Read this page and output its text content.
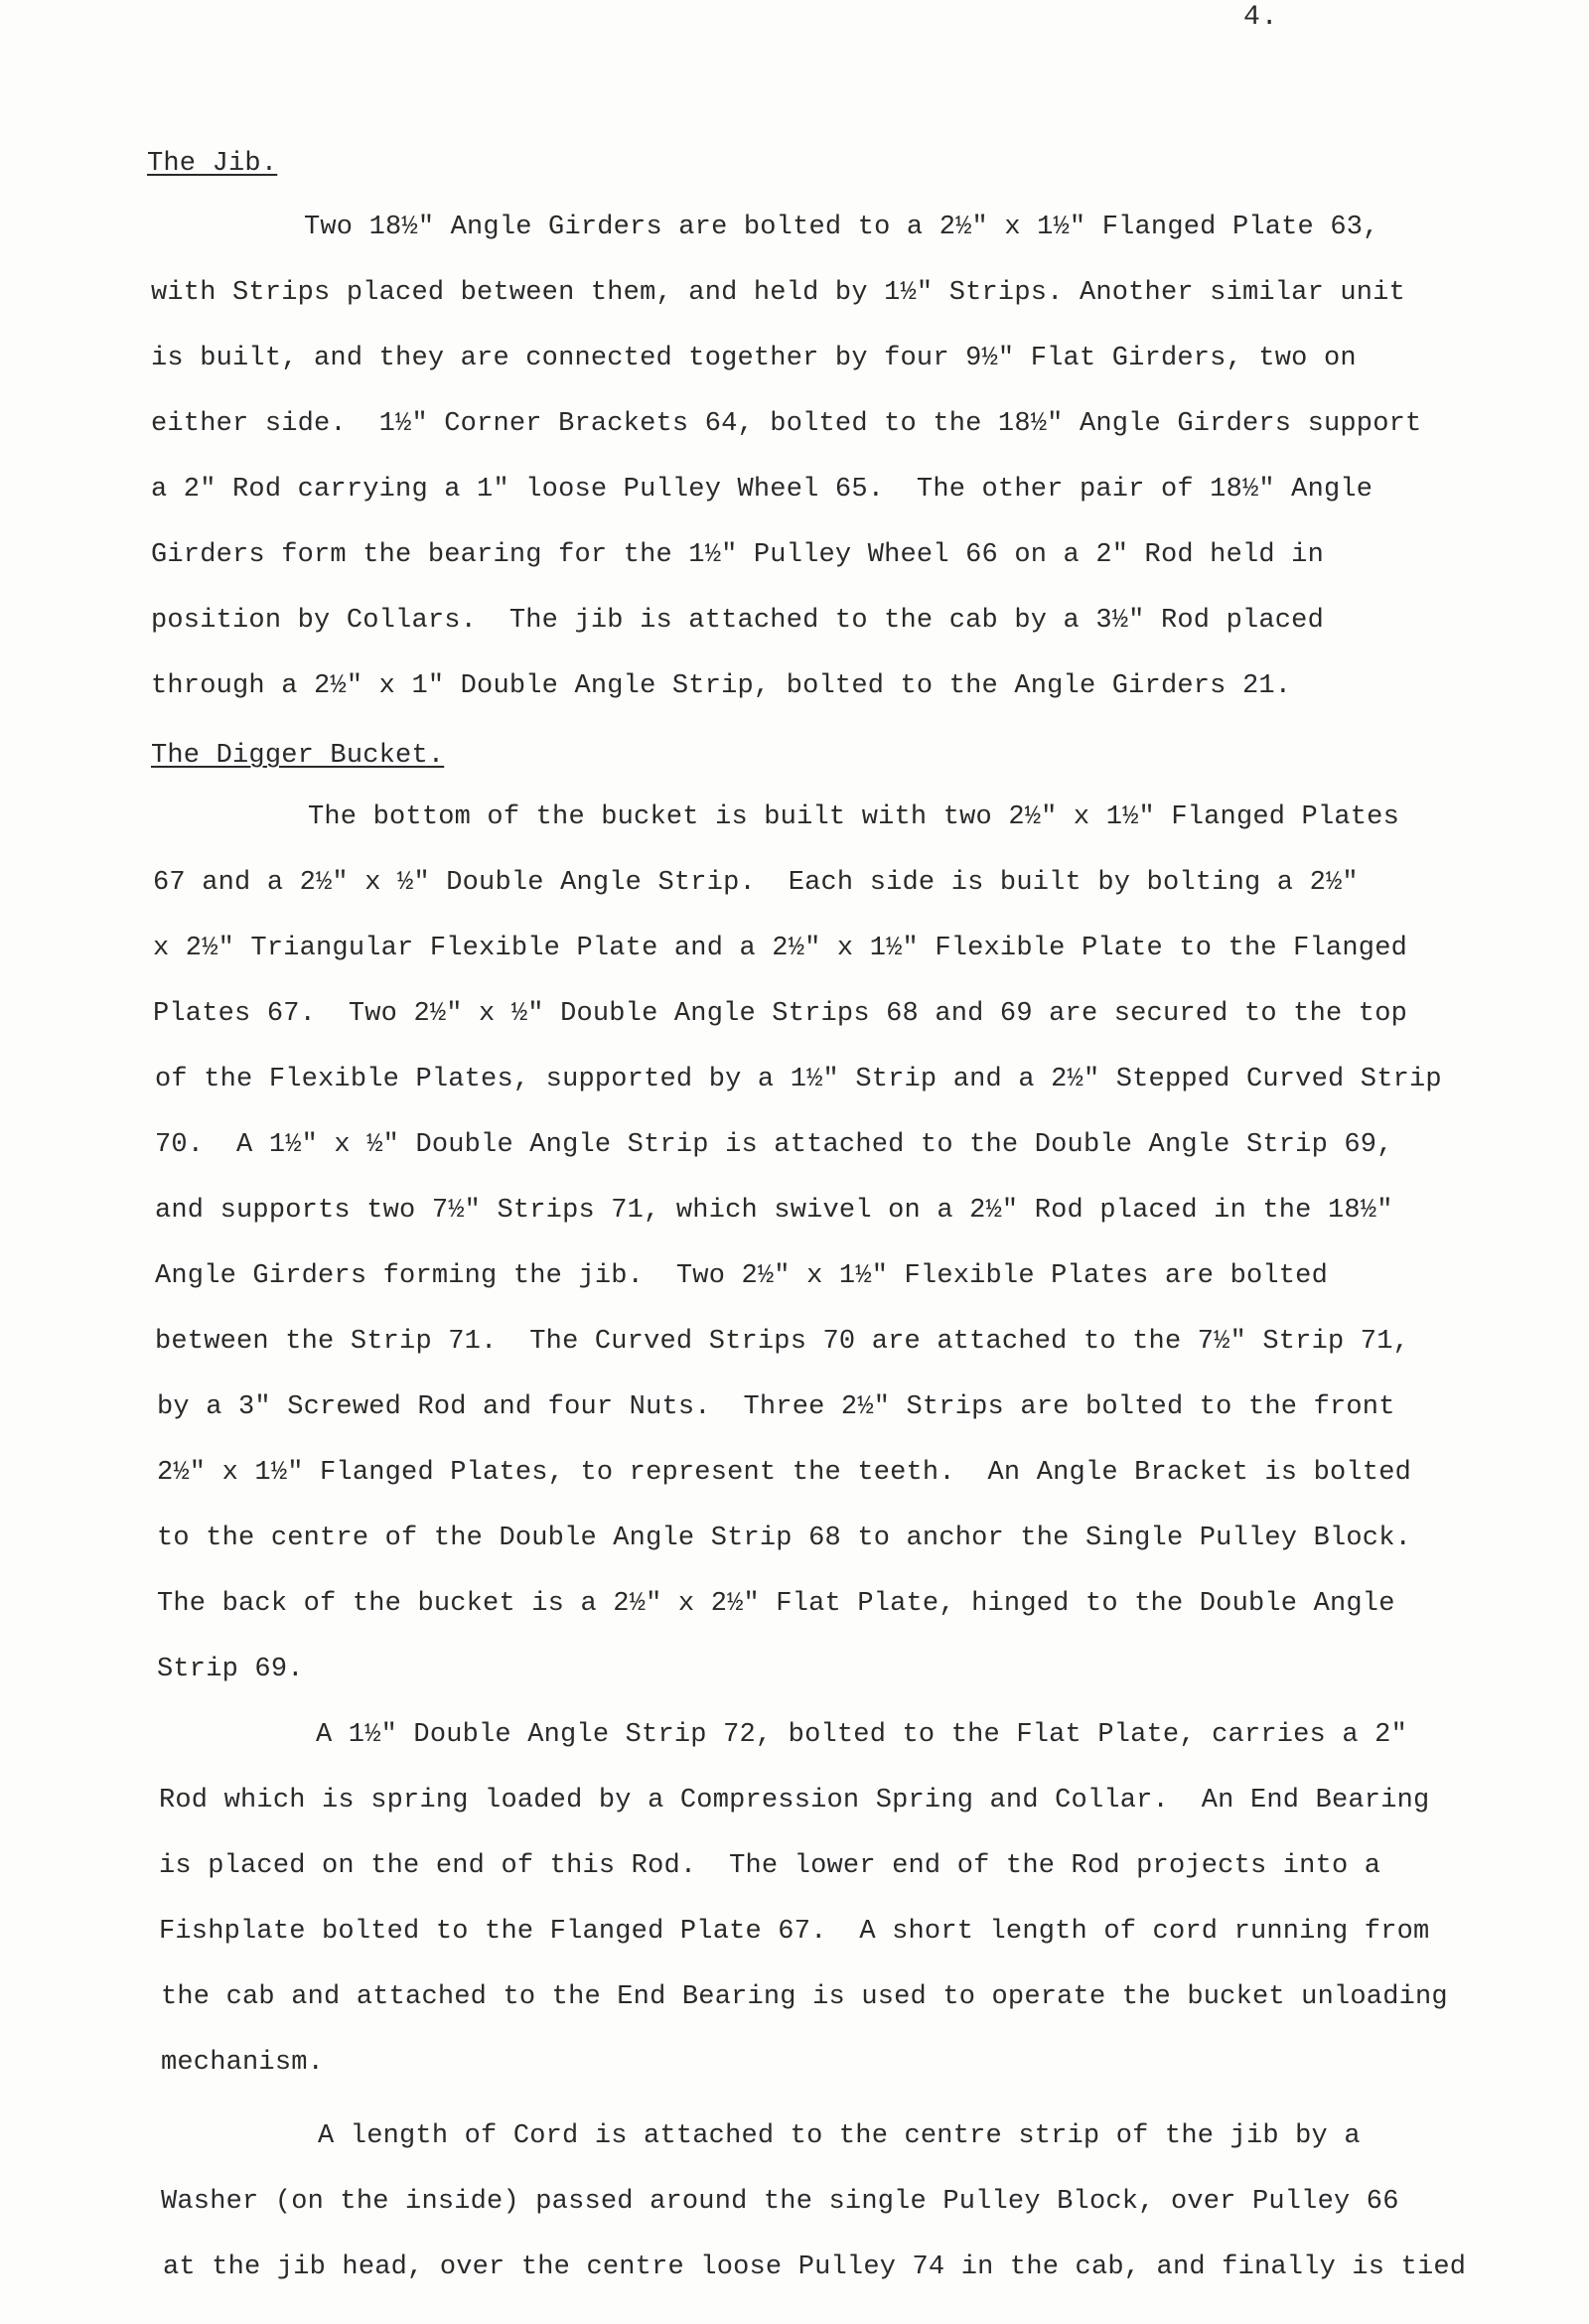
4.
The Jib.
Two 18½" Angle Girders are bolted to a 2½" x 1½" Flanged Plate 63,
with Strips placed between them, and held by 1½" Strips. Another similar unit
is built, and they are connected together by four 9½" Flat Girders, two on
either side.  1½" Corner Brackets 64, bolted to the 18½" Angle Girders support
a 2" Rod carrying a 1" loose Pulley Wheel 65.  The other pair of 18½" Angle
Girders form the bearing for the 1½" Pulley Wheel 66 on a 2" Rod held in
position by Collars.  The jib is attached to the cab by a 3½" Rod placed
through a 2½" x 1" Double Angle Strip, bolted to the Angle Girders 21.
The Digger Bucket.
The bottom of the bucket is built with two 2½" x 1½" Flanged Plates
67 and a 2½" x ½" Double Angle Strip.  Each side is built by bolting a 2½"
x 2½" Triangular Flexible Plate and a 2½" x 1½" Flexible Plate to the Flanged
Plates 67.  Two 2½" x ½" Double Angle Strips 68 and 69 are secured to the top
of the Flexible Plates, supported by a 1½" Strip and a 2½" Stepped Curved Strip
70.  A 1½" x ½" Double Angle Strip is attached to the Double Angle Strip 69,
and supports two 7½" Strips 71, which swivel on a 2½" Rod placed in the 18½"
Angle Girders forming the jib.  Two 2½" x 1½" Flexible Plates are bolted
between the Strip 71.  The Curved Strips 70 are attached to the 7½" Strip 71,
by a 3" Screwed Rod and four Nuts.  Three 2½" Strips are bolted to the front
2½" x 1½" Flanged Plates, to represent the teeth.  An Angle Bracket is bolted
to the centre of the Double Angle Strip 68 to anchor the Single Pulley Block.
The back of the bucket is a 2½" x 2½" Flat Plate, hinged to the Double Angle
Strip 69.
A 1½" Double Angle Strip 72, bolted to the Flat Plate, carries a 2"
Rod which is spring loaded by a Compression Spring and Collar.  An End Bearing
is placed on the end of this Rod.  The lower end of the Rod projects into a
Fishplate bolted to the Flanged Plate 67.  A short length of cord running from
the cab and attached to the End Bearing is used to operate the bucket unloading
mechanism.
A length of Cord is attached to the centre strip of the jib by a
Washer (on the inside) passed around the single Pulley Block, over Pulley 66
at the jib head, over the centre loose Pulley 74 in the cab, and finally is tied
